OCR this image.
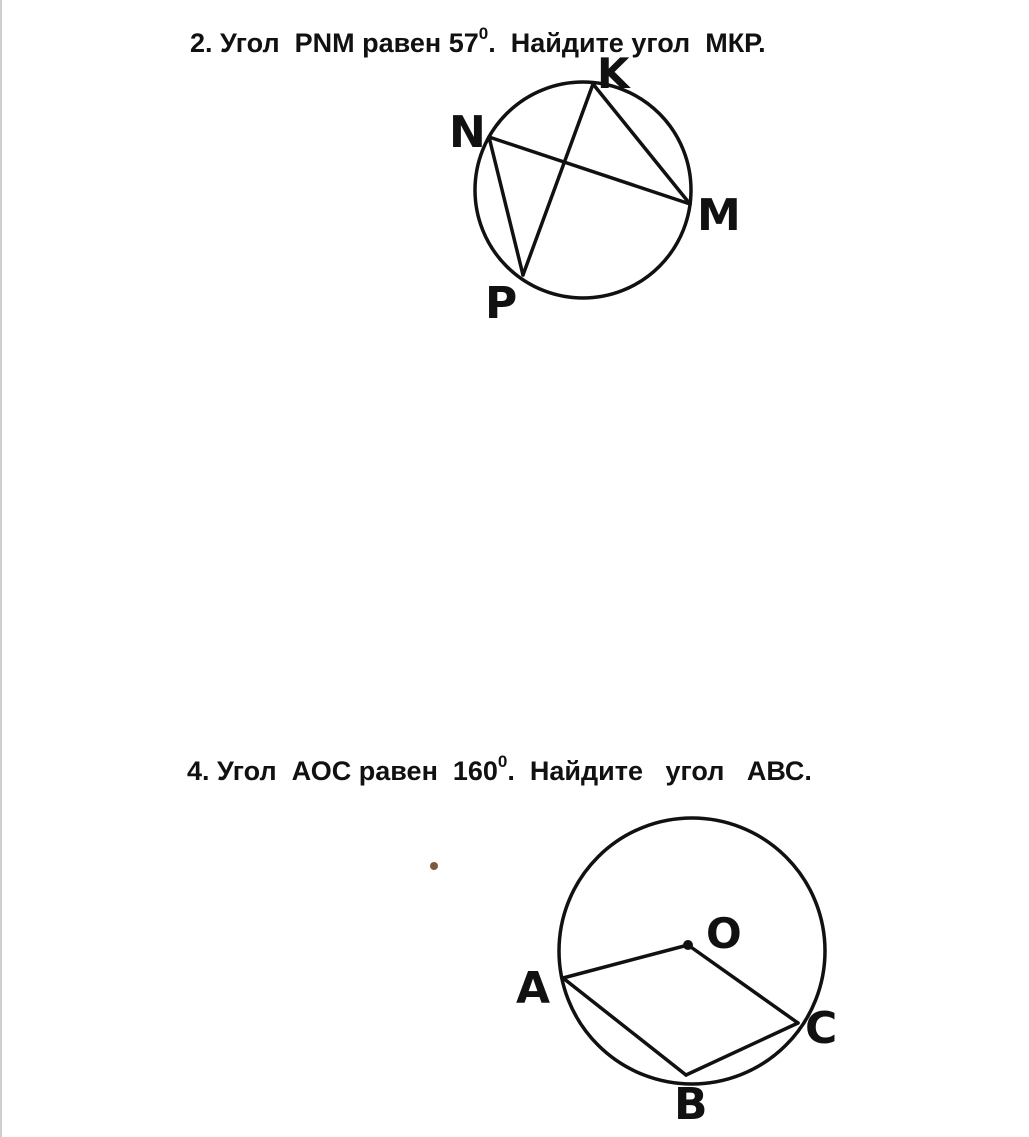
2. Угол  PNM равен $57^0$.  Найдите угол  МКР.
N
K
M
P
4. Угол  АОС равен  $160^0$.  Найдите   угол   АВС.
O
A
C
B
